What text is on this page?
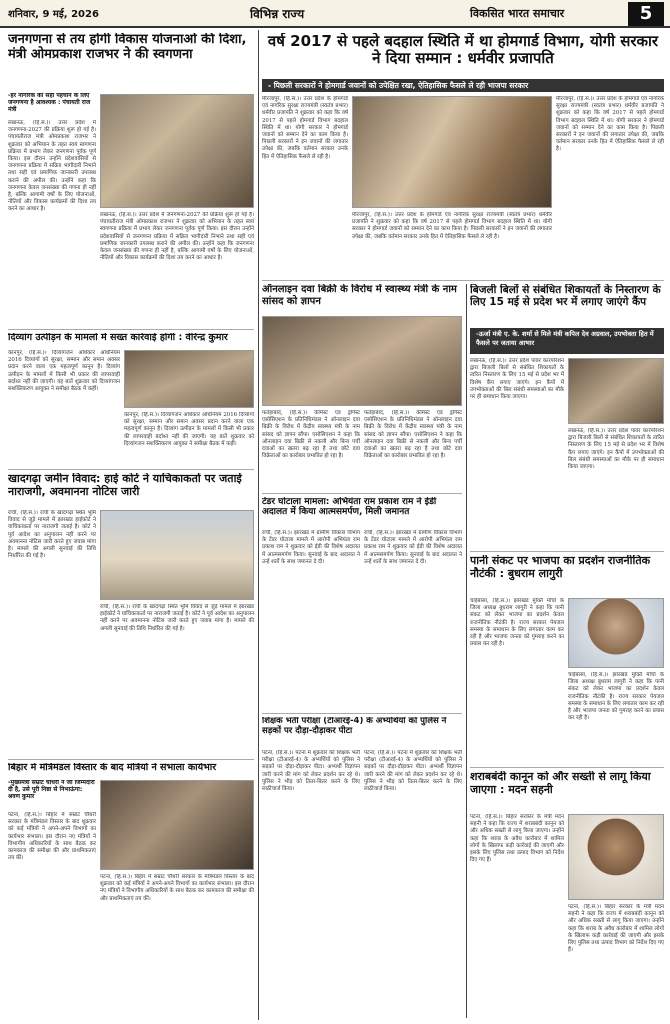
शनिवार, 9 मई, 2026	विभिन्न राज्य	विकसित भारत समाचार	5
जनगणना से तय होगी विकास योजनाओं की दिशा, मंत्री ओमप्रकाश राजभर ने की स्वगणना
-हर नागरिक की सही पहचान के लिए जनगणना है आवश्यक : पंचायती राज मंत्री
लखनऊ, (हि.स.)। उत्तर प्रदेश में जनगणना-2027 की प्रक्रिया शुरू हो गई है। पंचायतीराज मंत्री ओमप्रकाश राजभर ने शुक्रवार को अभियान के तहत स्वयं स्वगणना प्रक्रिया में प्रभाग लेकर जनगणना पूर्वक पूर्ण किया। इस दौरान उन्होंने प्रदेशवासियों से जनगणना प्रक्रिया में सक्रिय भागीदारी निभाने तथा सही एवं प्रमाणिक जानकारी उपलब्ध कराने की अपील की। उन्होंने कहा कि जनगणना केवल जनसंख्या की गणना ही नहीं है, बल्कि आगामी वर्षों के लिए योजनाओं, नीतियों और विकास कार्यक्रमों की दिशा तय करने का आधार है।
लखनऊ, (हि.स.)। उत्तर प्रदेश में जनगणना-2027 की प्रक्रिया शुरू हो गई है। पंचायतीराज मंत्री ओमप्रकाश राजभर ने शुक्रवार को अभियान के तहत स्वयं स्वगणना प्रक्रिया में प्रभाग लेकर जनगणना पूर्वक पूर्ण किया। इस दौरान उन्होंने प्रदेशवासियों से जनगणना प्रक्रिया में सक्रिय भागीदारी निभाने तथा सही एवं प्रमाणिक जानकारी उपलब्ध कराने की अपील की। उन्होंने कहा कि जनगणना केवल जनसंख्या की गणना ही नहीं है, बल्कि आगामी वर्षों के लिए योजनाओं, नीतियों और विकास कार्यक्रमों की दिशा तय करने का आधार है।
दिव्यांग उत्पीड़न के मामलों में सख्त कार्रवाई होगी : वीरेन्द्र कुमार
कानपुर, (हि.स.)। दिव्यांगजन अधिकार अधिनियम 2016 दिव्यांगों को सुरक्षा, सम्मान और समान अवसर प्रदान करने वाला एक महत्वपूर्ण कानून है। दिव्यांग उत्पीड़न के मामलों में किसी भी प्रकार की लापरवाही बर्दाश्त नहीं की जाएगी। यह बातें शुक्रवार को दिव्यांगजन सशक्तिकरण आयुक्त ने समीक्षा बैठक में कहीं।
कानपुर, (हि.स.)। दिव्यांगजन अधिकार अधिनियम 2016 दिव्यांगों को सुरक्षा, सम्मान और समान अवसर प्रदान करने वाला एक महत्वपूर्ण कानून है। दिव्यांग उत्पीड़न के मामलों में किसी भी प्रकार की लापरवाही बर्दाश्त नहीं की जाएगी। यह बातें शुक्रवार को दिव्यांगजन सशक्तिकरण आयुक्त ने समीक्षा बैठक में कहीं।
खादगढ़ा जमीन विवाद: हाई कोर्ट ने याचिकाकर्ता पर जताई नाराजगी, अवमानना नोटिस जारी
रांची, (हि.स.)। रांची के खादगढ़ा स्थित भूमि विवाद से जुड़े मामले में झारखंड हाईकोर्ट ने याचिकाकर्ता पर नाराजगी जताई है। कोर्ट ने पूर्व आदेश का अनुपालन नहीं करने पर अवमानना नोटिस जारी करते हुए जवाब मांगा है। मामले की अगली सुनवाई की तिथि निर्धारित की गई है।
रांची, (हि.स.)। रांची के खादगढ़ा स्थित भूमि विवाद से जुड़े मामले में झारखंड हाईकोर्ट ने याचिकाकर्ता पर नाराजगी जताई है। कोर्ट ने पूर्व आदेश का अनुपालन नहीं करने पर अवमानना नोटिस जारी करते हुए जवाब मांगा है। मामले की अगली सुनवाई की तिथि निर्धारित की गई है।
बिहार में मंत्रिमंडल विस्तार के बाद मंत्रियों ने संभाला कार्यभार
-मुख्यमंत्री सम्राट चौधरी ने जो जिम्मेदारी दी है, उसे पूरी निष्ठा से निभाऊंगा: श्रवण कुमार
पटना, (हि.स.)। बिहार में सम्राट चौधरी सरकार के मंत्रिमंडल विस्तार के बाद शुक्रवार को कई मंत्रियों ने अपने-अपने विभागों का कार्यभार संभाला। इस दौरान नए मंत्रियों ने विभागीय अधिकारियों के साथ बैठक कर कामकाज की समीक्षा की और प्राथमिकताएं तय कीं।
पटना, (हि.स.)। बिहार में सम्राट चौधरी सरकार के मंत्रिमंडल विस्तार के बाद शुक्रवार को कई मंत्रियों ने अपने-अपने विभागों का कार्यभार संभाला। इस दौरान नए मंत्रियों ने विभागीय अधिकारियों के साथ बैठक कर कामकाज की समीक्षा की और प्राथमिकताएं तय कीं।
वर्ष 2017 से पहले बदहाल स्थिति में था होमगार्ड विभाग, योगी सरकार ने दिया सम्मान : धर्मवीर प्रजापति
- पिछली सरकारों ने होमगार्ड जवानों को उपेक्षित रखा, ऐतिहासिक फैसले ले रही भाजपा सरकार
मीरजापुर, (हि.स.)। उत्तर प्रदेश के होमगार्ड एवं नागरिक सुरक्षा राज्यमंत्री (स्वतंत्र प्रभार) धर्मवीर प्रजापति ने शुक्रवार को कहा कि वर्ष 2017 से पहले होमगार्ड विभाग बदहाल स्थिति में था। योगी सरकार ने होमगार्ड जवानों को सम्मान देने का काम किया है। पिछली सरकारों ने इन जवानों की लगातार उपेक्षा की, जबकि वर्तमान सरकार उनके हित में ऐतिहासिक फैसले ले रही है।
मीरजापुर, (हि.स.)। उत्तर प्रदेश के होमगार्ड एवं नागरिक सुरक्षा राज्यमंत्री (स्वतंत्र प्रभार) धर्मवीर प्रजापति ने शुक्रवार को कहा कि वर्ष 2017 से पहले होमगार्ड विभाग बदहाल स्थिति में था। योगी सरकार ने होमगार्ड जवानों को सम्मान देने का काम किया है। पिछली सरकारों ने इन जवानों की लगातार उपेक्षा की, जबकि वर्तमान सरकार उनके हित में ऐतिहासिक फैसले ले रही है।
मीरजापुर, (हि.स.)। उत्तर प्रदेश के होमगार्ड एवं नागरिक सुरक्षा राज्यमंत्री (स्वतंत्र प्रभार) धर्मवीर प्रजापति ने शुक्रवार को कहा कि वर्ष 2017 से पहले होमगार्ड विभाग बदहाल स्थिति में था। योगी सरकार ने होमगार्ड जवानों को सम्मान देने का काम किया है। पिछली सरकारों ने इन जवानों की लगातार उपेक्षा की, जबकि वर्तमान सरकार उनके हित में ऐतिहासिक फैसले ले रही है।
ऑनलाइन दवा बिक्री के विरोध में स्वास्थ्य मंत्री के नाम सांसद को ज्ञापन
फतेहाबाद, (हि.स.)। केमिस्ट एंड ड्रगिस्ट एसोसिएशन के प्रतिनिधिमंडल ने ऑनलाइन दवा बिक्री के विरोध में केंद्रीय स्वास्थ्य मंत्री के नाम सांसद को ज्ञापन सौंपा। एसोसिएशन ने कहा कि ऑनलाइन दवा बिक्री से नकली और बिना पर्ची दवाओं का खतरा बढ़ रहा है तथा छोटे दवा विक्रेताओं का कारोबार प्रभावित हो रहा है।
फतेहाबाद, (हि.स.)। केमिस्ट एंड ड्रगिस्ट एसोसिएशन के प्रतिनिधिमंडल ने ऑनलाइन दवा बिक्री के विरोध में केंद्रीय स्वास्थ्य मंत्री के नाम सांसद को ज्ञापन सौंपा। एसोसिएशन ने कहा कि ऑनलाइन दवा बिक्री से नकली और बिना पर्ची दवाओं का खतरा बढ़ रहा है तथा छोटे दवा विक्रेताओं का कारोबार प्रभावित हो रहा है।
टेंडर घोटाला मामला: अभियंता राम प्रकाश राम ने ईडी अदालत में किया आत्मसमर्पण, मिली जमानत
रांची, (हि.स.)। झारखंड में ग्रामीण विकास विभाग के टेंडर घोटाला मामले में आरोपी अभियंता राम प्रकाश राम ने शुक्रवार को ईडी की विशेष अदालत में आत्मसमर्पण किया। सुनवाई के बाद अदालत ने उन्हें शर्तों के साथ जमानत दे दी।
रांची, (हि.स.)। झारखंड में ग्रामीण विकास विभाग के टेंडर घोटाला मामले में आरोपी अभियंता राम प्रकाश राम ने शुक्रवार को ईडी की विशेष अदालत में आत्मसमर्पण किया। सुनवाई के बाद अदालत ने उन्हें शर्तों के साथ जमानत दे दी।
शिक्षक भर्ती परीक्षा (टीआरई-4) के अभ्यर्थियों को पुलिस ने सड़कों पर दौड़ा-दौड़ाकर पीटा
पटना, (हि.स.)। पटना में शुक्रवार को शिक्षक भर्ती परीक्षा (टीआरई-4) के अभ्यर्थियों को पुलिस ने सड़कों पर दौड़ा-दौड़ाकर पीटा। अभ्यर्थी विज्ञापन जारी करने की मांग को लेकर प्रदर्शन कर रहे थे। पुलिस ने भीड़ को तितर-बितर करने के लिए लाठीचार्ज किया।
पटना, (हि.स.)। पटना में शुक्रवार को शिक्षक भर्ती परीक्षा (टीआरई-4) के अभ्यर्थियों को पुलिस ने सड़कों पर दौड़ा-दौड़ाकर पीटा। अभ्यर्थी विज्ञापन जारी करने की मांग को लेकर प्रदर्शन कर रहे थे। पुलिस ने भीड़ को तितर-बितर करने के लिए लाठीचार्ज किया।
बिजली बिलों से संबंधित शिकायतों के निस्तारण के लिए 15 मई से प्रदेश भर में लगाए जाएंगे कैंप
-ऊर्जा मंत्री ए. के. शर्मा से मिले मंत्री कपिल देव अग्रवाल, उपभोक्ता हित में फैसले पर जताया आभार
लखनऊ, (हि.स.)। उत्तर प्रदेश पावर कारपोरेशन द्वारा बिजली बिलों से संबंधित शिकायतों के त्वरित निस्तारण के लिए 15 मई से प्रदेश भर में विशेष कैंप लगाए जाएंगे। इन कैंपों में उपभोक्ताओं की बिल संबंधी समस्याओं का मौके पर ही समाधान किया जाएगा।
लखनऊ, (हि.स.)। उत्तर प्रदेश पावर कारपोरेशन द्वारा बिजली बिलों से संबंधित शिकायतों के त्वरित निस्तारण के लिए 15 मई से प्रदेश भर में विशेष कैंप लगाए जाएंगे। इन कैंपों में उपभोक्ताओं की बिल संबंधी समस्याओं का मौके पर ही समाधान किया जाएगा।
पानी संकट पर भाजपा का प्रदर्शन राजनीतिक नौटंकी : बुधराम लागुरी
चाईबासा, (हि.स.)। झारखंड मुक्ति मोर्चा के जिला अध्यक्ष बुधराम लागुरी ने कहा कि पानी संकट को लेकर भाजपा का प्रदर्शन केवल राजनीतिक नौटंकी है। राज्य सरकार पेयजल समस्या के समाधान के लिए लगातार काम कर रही है और भाजपा जनता को गुमराह करने का प्रयास कर रही है।
चाईबासा, (हि.स.)। झारखंड मुक्ति मोर्चा के जिला अध्यक्ष बुधराम लागुरी ने कहा कि पानी संकट को लेकर भाजपा का प्रदर्शन केवल राजनीतिक नौटंकी है। राज्य सरकार पेयजल समस्या के समाधान के लिए लगातार काम कर रही है और भाजपा जनता को गुमराह करने का प्रयास कर रही है।
शराबबंदी कानून को और सख्ती से लागू किया जाएगा : मदन सहनी
पटना, (हि.स.)। बिहार सरकार के मंत्री मदन सहनी ने कहा कि राज्य में शराबबंदी कानून को और अधिक सख्ती से लागू किया जाएगा। उन्होंने कहा कि शराब के अवैध कारोबार में शामिल लोगों के खिलाफ कड़ी कार्रवाई की जाएगी और इसके लिए पुलिस तथा उत्पाद विभाग को निर्देश दिए गए हैं।
पटना, (हि.स.)। बिहार सरकार के मंत्री मदन सहनी ने कहा कि राज्य में शराबबंदी कानून को और अधिक सख्ती से लागू किया जाएगा। उन्होंने कहा कि शराब के अवैध कारोबार में शामिल लोगों के खिलाफ कड़ी कार्रवाई की जाएगी और इसके लिए पुलिस तथा उत्पाद विभाग को निर्देश दिए गए हैं।
